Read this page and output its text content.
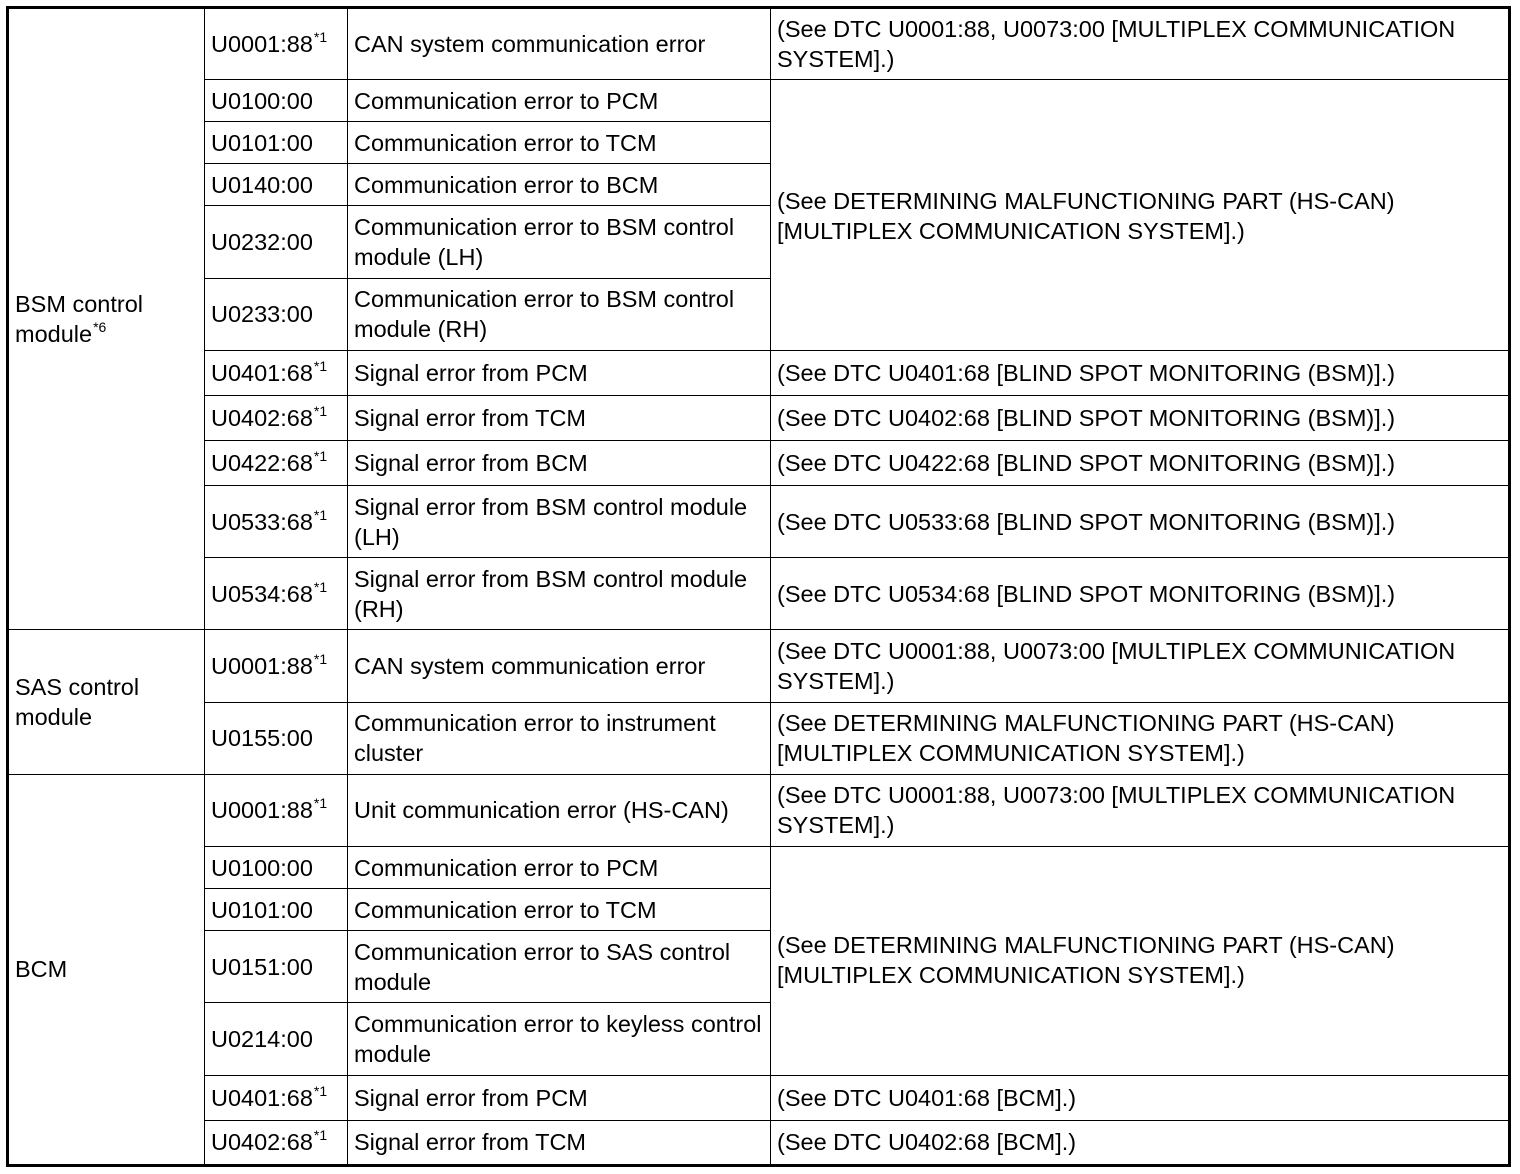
BSM control module$^{*6}$	U0001:88$^{*1}$	CAN system communication error	(See DTC U0001:88, U0073:00 [MULTIPLEX COMMUNICATION SYSTEM].)
	U0100:00	Communication error to PCM	(See DETERMINING MALFUNCTIONING PART (HS-CAN) [MULTIPLEX COMMUNICATION SYSTEM].)
	U0101:00	Communication error to TCM	
	U0140:00	Communication error to BCM	
	U0232:00	Communication error to BSM control module (LH)	
	U0233:00	Communication error to BSM control module (RH)	
	U0401:68$^{*1}$	Signal error from PCM	(See DTC U0401:68 [BLIND SPOT MONITORING (BSM)].)
	U0402:68$^{*1}$	Signal error from TCM	(See DTC U0402:68 [BLIND SPOT MONITORING (BSM)].)
	U0422:68$^{*1}$	Signal error from BCM	(See DTC U0422:68 [BLIND SPOT MONITORING (BSM)].)
	U0533:68$^{*1}$	Signal error from BSM control module (LH)	(See DTC U0533:68 [BLIND SPOT MONITORING (BSM)].)
	U0534:68$^{*1}$	Signal error from BSM control module (RH)	(See DTC U0534:68 [BLIND SPOT MONITORING (BSM)].)
SAS control module	U0001:88$^{*1}$	CAN system communication error	(See DTC U0001:88, U0073:00 [MULTIPLEX COMMUNICATION SYSTEM].)
	U0155:00	Communication error to instrument cluster	(See DETERMINING MALFUNCTIONING PART (HS-CAN) [MULTIPLEX COMMUNICATION SYSTEM].)
BCM	U0001:88$^{*1}$	Unit communication error (HS-CAN)	(See DTC U0001:88, U0073:00 [MULTIPLEX COMMUNICATION SYSTEM].)
	U0100:00	Communication error to PCM	(See DETERMINING MALFUNCTIONING PART (HS-CAN) [MULTIPLEX COMMUNICATION SYSTEM].)
	U0101:00	Communication error to TCM	
	U0151:00	Communication error to SAS control module	
	U0214:00	Communication error to keyless control module	
	U0401:68$^{*1}$	Signal error from PCM	(See DTC U0401:68 [BCM].)
	U0402:68$^{*1}$	Signal error from TCM	(See DTC U0402:68 [BCM].)
